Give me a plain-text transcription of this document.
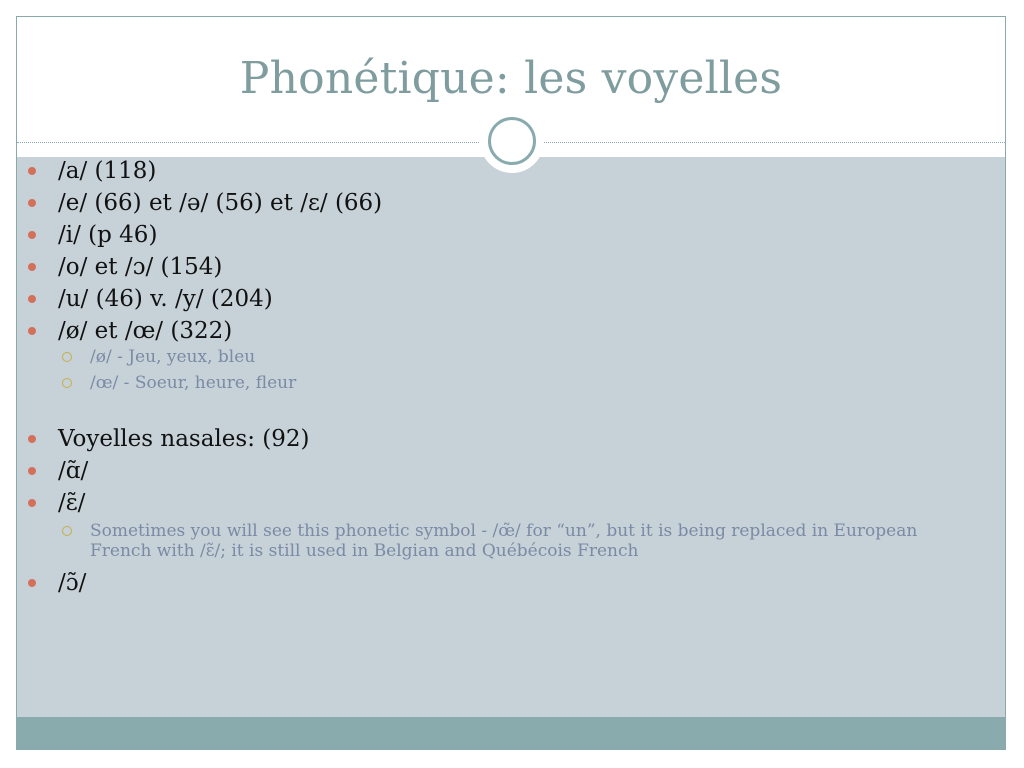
Phonétique: les voyelles
/a/ (118)
/e/ (66) et /ə/ (56) et /ɛ/ (66)
/i/ (p 46)
/o/ et /ɔ/ (154)
/u/ (46) v. /y/ (204)
/ø/ et /œ/ (322)
/ø/ - Jeu, yeux, bleu
/œ/ - Soeur, heure, fleur
Voyelles nasales: (92)
/ɑ̃/
/ɛ̃/
Sometimes you will see this phonetic symbol - /œ̃/ for “un”, but it is being replaced in European French with /ɛ̃/; it is still used in Belgian and Québécois French
/ɔ̃/
